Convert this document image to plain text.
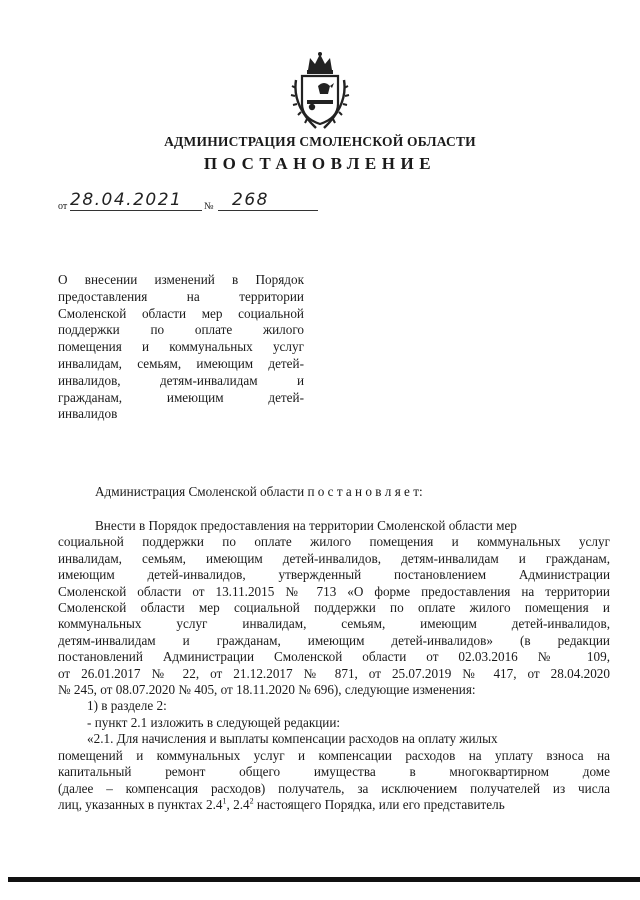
АДМИНИСТРАЦИЯ СМОЛЕНСКОЙ ОБЛАСТИ
ПОСТАНОВЛЕНИЕ
от 28.04.2021 № 268
О внесении изменений в Порядок
предоставления на территории
Смоленской области мер социальной
поддержки по оплате жилого
помещения и коммунальных услуг
инвалидам, семьям, имеющим детей-
инвалидов, детям-инвалидам и
гражданам, имеющим детей-
инвалидов
Администрация Смоленской области п о с т а н о в л я е т:
Внести в Порядок предоставления на территории Смоленской области мер
социальной поддержки по оплате жилого помещения и коммунальных услуг
инвалидам, семьям, имеющим детей-инвалидов, детям-инвалидам и гражданам,
имеющим детей-инвалидов, утвержденный постановлением Администрации
Смоленской области от 13.11.2015 № 713 «О форме предоставления на территории
Смоленской области мер социальной поддержки по оплате жилого помещения и
коммунальных услуг инвалидам, семьям, имеющим детей-инвалидов,
детям-инвалидам и гражданам, имеющим детей-инвалидов» (в редакции
постановлений Администрации Смоленской области от 02.03.2016 № 109,
от 26.01.2017 № 22, от 21.12.2017 № 871, от 25.07.2019 № 417, от 28.04.2020
№ 245, от 08.07.2020 № 405, от 18.11.2020 № 696), следующие изменения:
1) в разделе 2:
- пункт 2.1 изложить в следующей редакции:
«2.1. Для начисления и выплаты компенсации расходов на оплату жилых
помещений и коммунальных услуг и компенсации расходов на уплату взноса на
капитальный ремонт общего имущества в многоквартирном доме
(далее – компенсация расходов) получатель, за исключением получателей из числа
лиц, указанных в пунктах $2.4^1$, $2.4^2$ настоящего Порядка, или его представитель
